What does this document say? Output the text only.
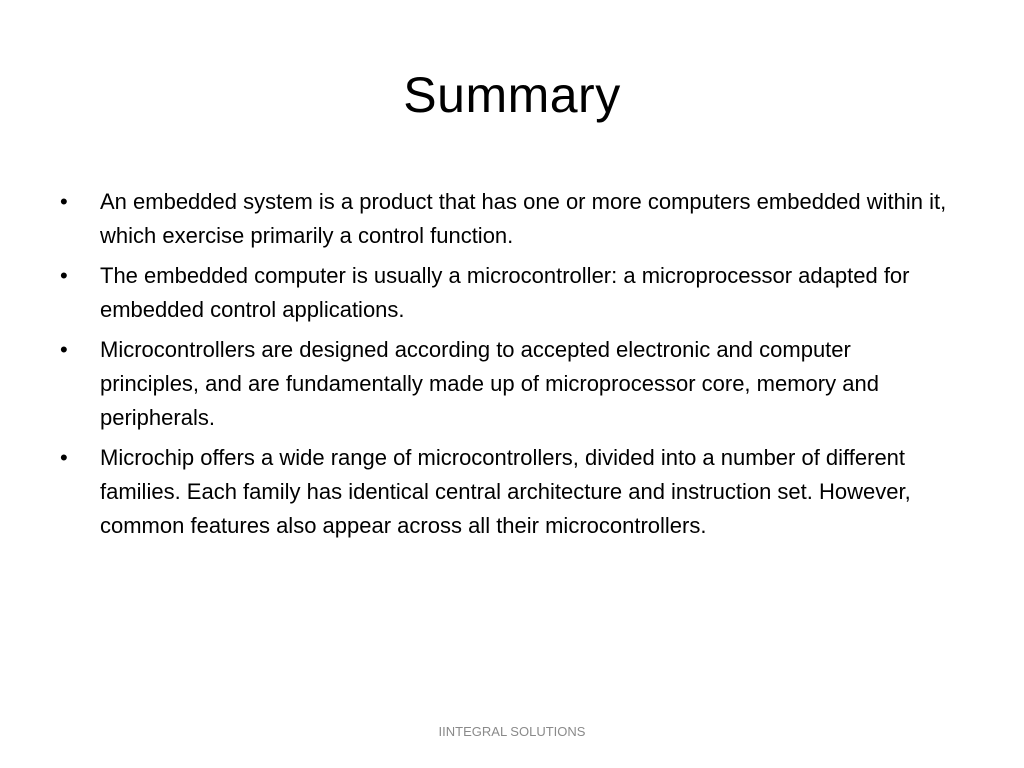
Summary
•	An embedded system is a product that has one or more computers embedded within it, which exercise primarily a control function.
•	The embedded computer is usually a microcontroller: a microprocessor adapted for embedded control applications.
•	Microcontrollers are designed according to accepted electronic and computer principles, and are fundamentally made up of microprocessor core, memory and peripherals.
•	Microchip offers a wide range of microcontrollers, divided into a number of different families. Each family has identical central architecture and instruction set. However, common features also appear across all their microcontrollers.
IINTEGRAL SOLUTIONS
